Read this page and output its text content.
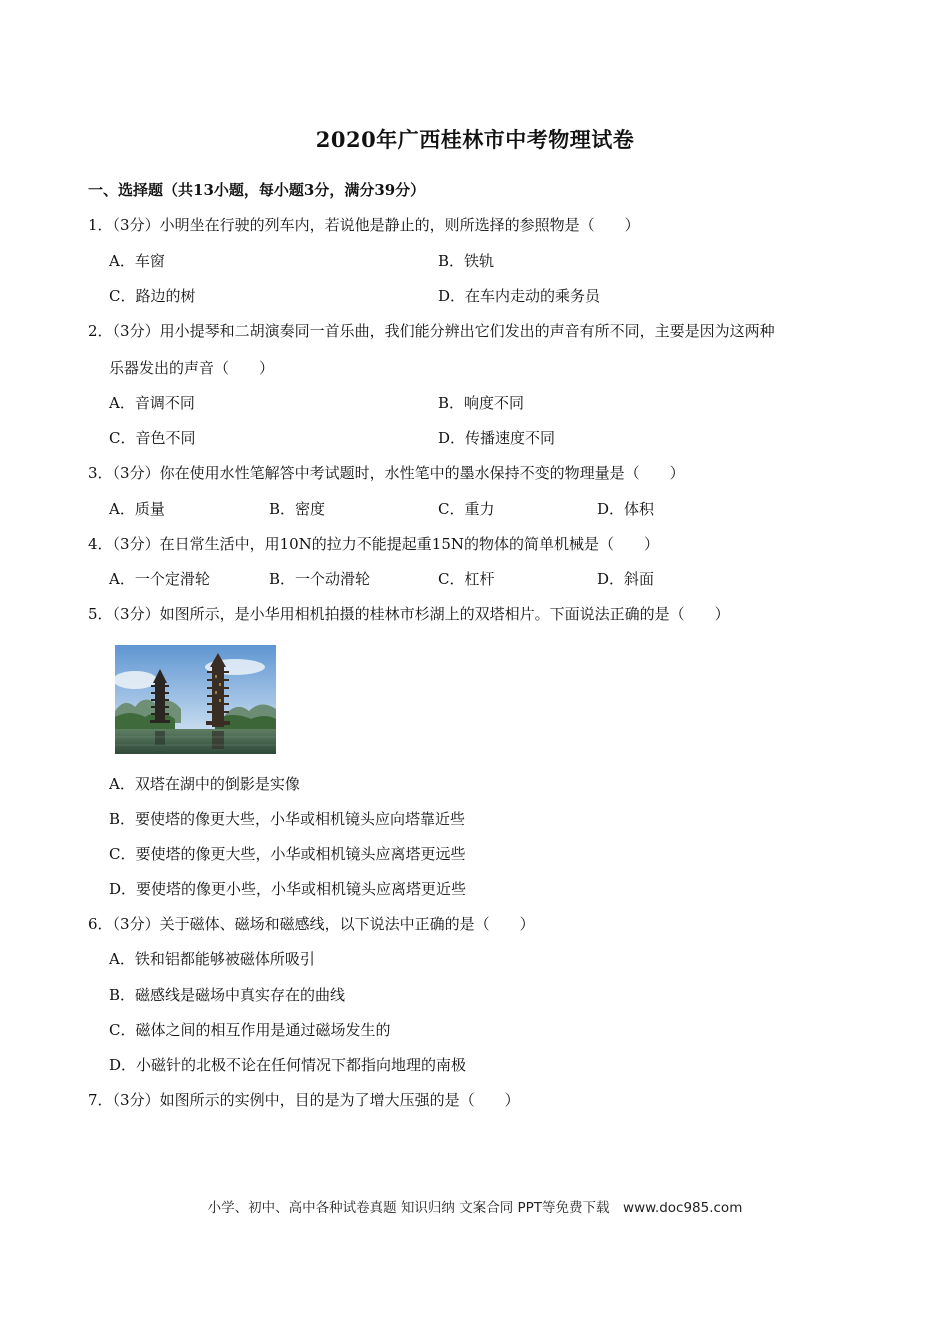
2020年广西桂林市中考物理试卷
一、选择题（共13小题，每小题3分，满分39分）
1．（3分）小明坐在行驶的列车内，若说他是静止的，则所选择的参照物是（　　）
A．车窗	B．铁轨
C．路边的树	D．在车内走动的乘务员
2．（3分）用小提琴和二胡演奏同一首乐曲，我们能分辨出它们发出的声音有所不同，主要是因为这两种
乐器发出的声音（　　）
A．音调不同	B．响度不同
C．音色不同	D．传播速度不同
3．（3分）你在使用水性笔解答中考试题时，水性笔中的墨水保持不变的物理量是（　　）
A．质量	B．密度	C．重力	D．体积
4．（3分）在日常生活中，用10N的拉力不能提起重15N的物体的简单机械是（　　）
A．一个定滑轮	B．一个动滑轮	C．杠杆	D．斜面
5．（3分）如图所示，是小华用相机拍摄的桂林市杉湖上的双塔相片。下面说法正确的是（　　）
A．双塔在湖中的倒影是实像
B．要使塔的像更大些，小华或相机镜头应向塔靠近些
C．要使塔的像更大些，小华或相机镜头应离塔更远些
D．要使塔的像更小些，小华或相机镜头应离塔更近些
6．（3分）关于磁体、磁场和磁感线，以下说法中正确的是（　　）
A．铁和铝都能够被磁体所吸引
B．磁感线是磁场中真实存在的曲线
C．磁体之间的相互作用是通过磁场发生的
D．小磁针的北极不论在任何情况下都指向地理的南极
7．（3分）如图所示的实例中，目的是为了增大压强的是（　　）
小学、初中、高中各种试卷真题 知识归纳 文案合同 PPT等免费下载　www.doc985.com
